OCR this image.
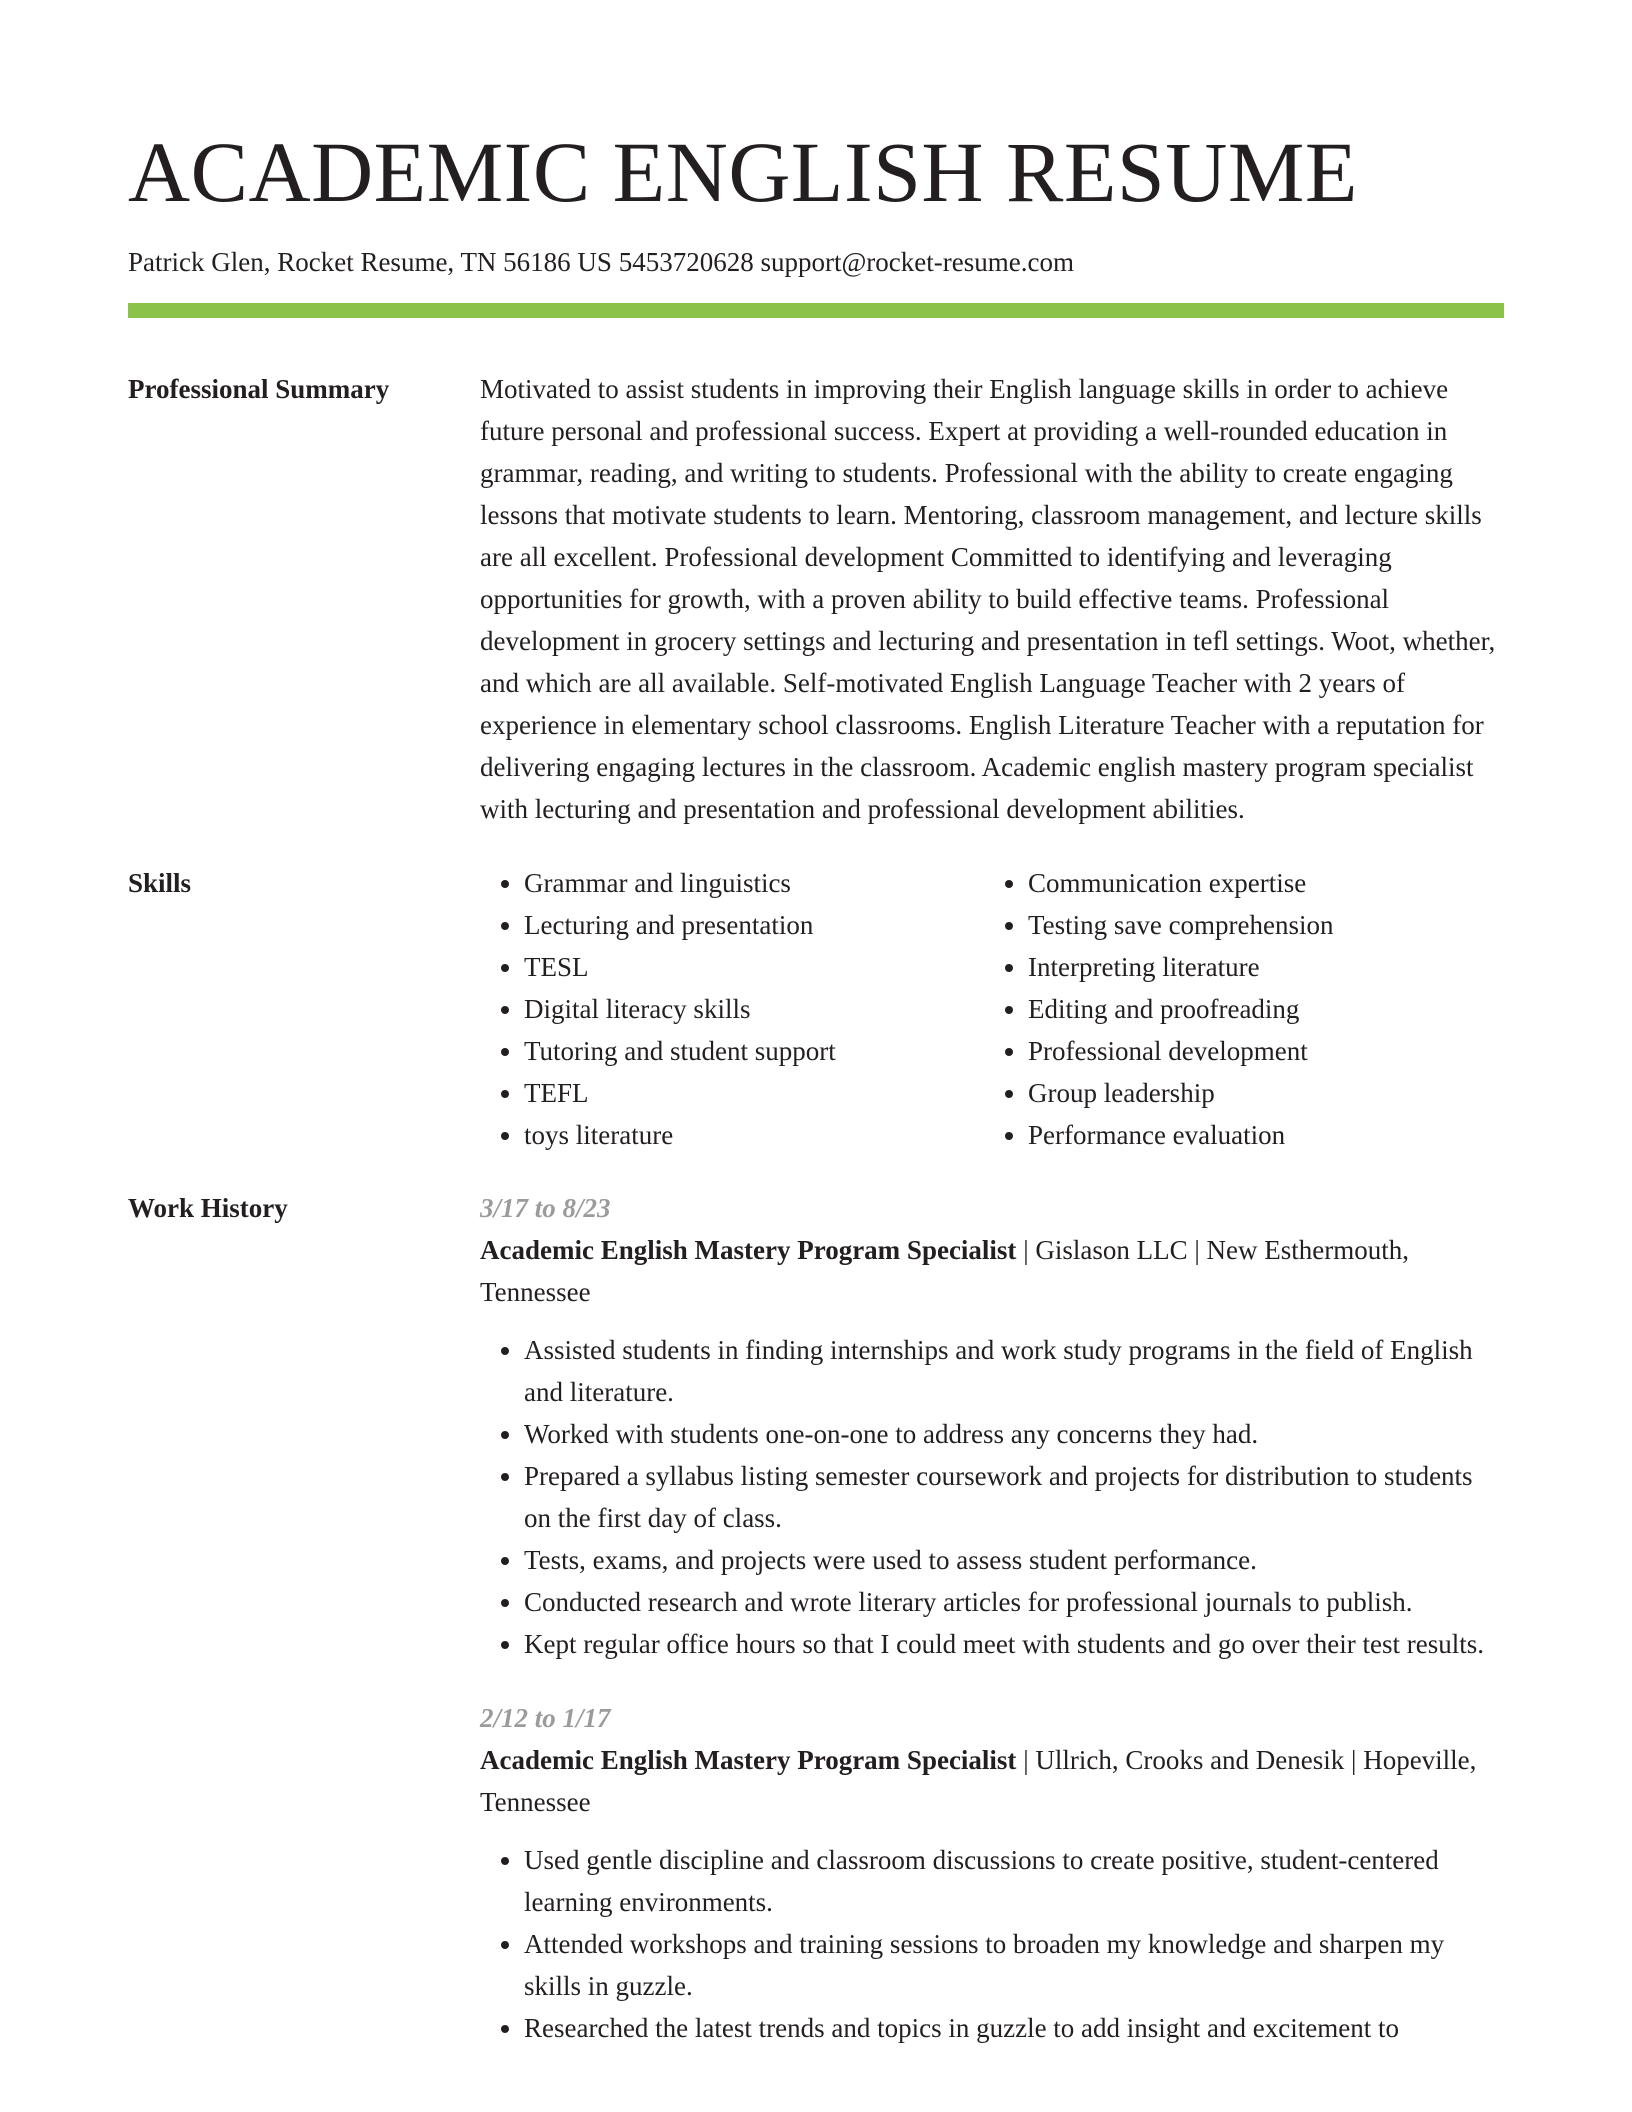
ACADEMIC ENGLISH RESUME
Patrick Glen, Rocket Resume, TN 56186 US 5453720628 support@rocket-resume.com
Professional Summary	Motivated to assist students in improving their English language skills in order to achieve future personal and professional success. Expert at providing a well-rounded education in grammar, reading, and writing to students. Professional with the ability to create engaging lessons that motivate students to learn. Mentoring, classroom management, and lecture skills are all excellent. Professional development Committed to identifying and leveraging opportunities for growth, with a proven ability to build effective teams. Professional development in grocery settings and lecturing and presentation in tefl settings. Woot, whether, and which are all available. Self-motivated English Language Teacher with 2 years of experience in elementary school classrooms. English Literature Teacher with a reputation for delivering engaging lectures in the classroom. Academic english mastery program specialist with lecturing and presentation and professional development abilities.

Skills
•	Grammar and linguistics
• Lecturing and presentation
• TESL
• Digital literacy skills
• Tutoring and student support
• TEFL
• toys literature
• Communication expertise
• Testing save comprehension
• Interpreting literature
• Editing and proofreading
• Professional development
• Group leadership
• Performance evaluation
Work History	3/17 to 8/23
Academic English Mastery Program Specialist | Gislason LLC | New Esthermouth, Tennessee
• Assisted students in finding internships and work study programs in the field of English and literature.
• Worked with students one-on-one to address any concerns they had.
• Prepared a syllabus listing semester coursework and projects for distribution to students on the first day of class.
• Tests, exams, and projects were used to assess student performance.
• Conducted research and wrote literary articles for professional journals to publish.
• Kept regular office hours so that I could meet with students and go over their test results.
2/12 to 1/17
Academic English Mastery Program Specialist | Ullrich, Crooks and Denesik | Hopeville, Tennessee
• Used gentle discipline and classroom discussions to create positive, student-centered learning environments.
• Attended workshops and training sessions to broaden my knowledge and sharpen my skills in guzzle.
• Researched the latest trends and topics in guzzle to add insight and excitement to
